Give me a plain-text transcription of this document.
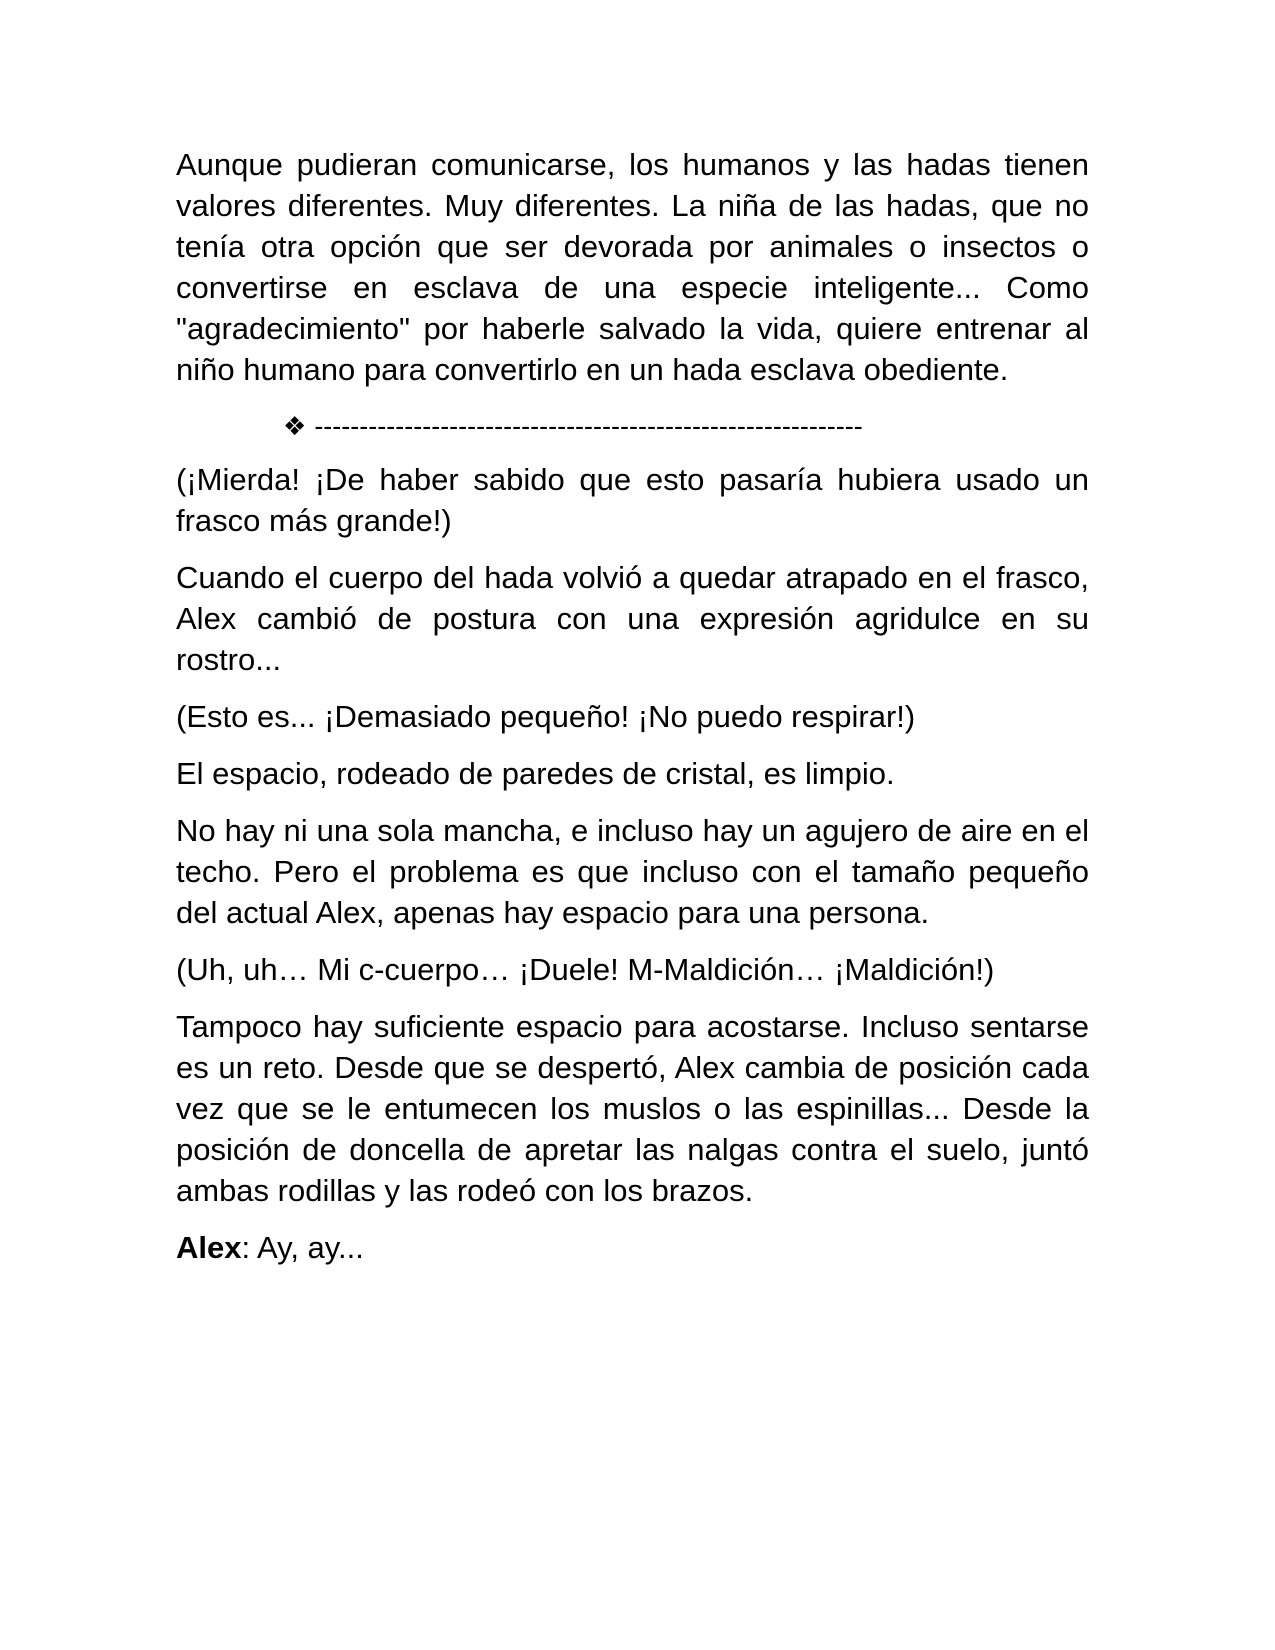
Aunque pudieran comunicarse, los humanos y las hadas tienen valores diferentes. Muy diferentes. La niña de las hadas, que no tenía otra opción que ser devorada por animales o insectos o convertirse en esclava de una especie inteligente... Como "agradecimiento" por haberle salvado la vida, quiere entrenar al niño humano para convertirlo en un hada esclava obediente.

❖ -------------------------------------------------------------

(¡Mierda! ¡De haber sabido que esto pasaría hubiera usado un frasco más grande!)

Cuando el cuerpo del hada volvió a quedar atrapado en el frasco, Alex cambió de postura con una expresión agridulce en su rostro...

(Esto es... ¡Demasiado pequeño! ¡No puedo respirar!)

El espacio, rodeado de paredes de cristal, es limpio.

No hay ni una sola mancha, e incluso hay un agujero de aire en el techo. Pero el problema es que incluso con el tamaño pequeño del actual Alex, apenas hay espacio para una persona.

(Uh, uh… Mi c-cuerpo… ¡Duele! M-Maldición… ¡Maldición!)

Tampoco hay suficiente espacio para acostarse. Incluso sentarse es un reto. Desde que se despertó, Alex cambia de posición cada vez que se le entumecen los muslos o las espinillas... Desde la posición de doncella de apretar las nalgas contra el suelo, juntó ambas rodillas y las rodeó con los brazos.

Alex: Ay, ay...
